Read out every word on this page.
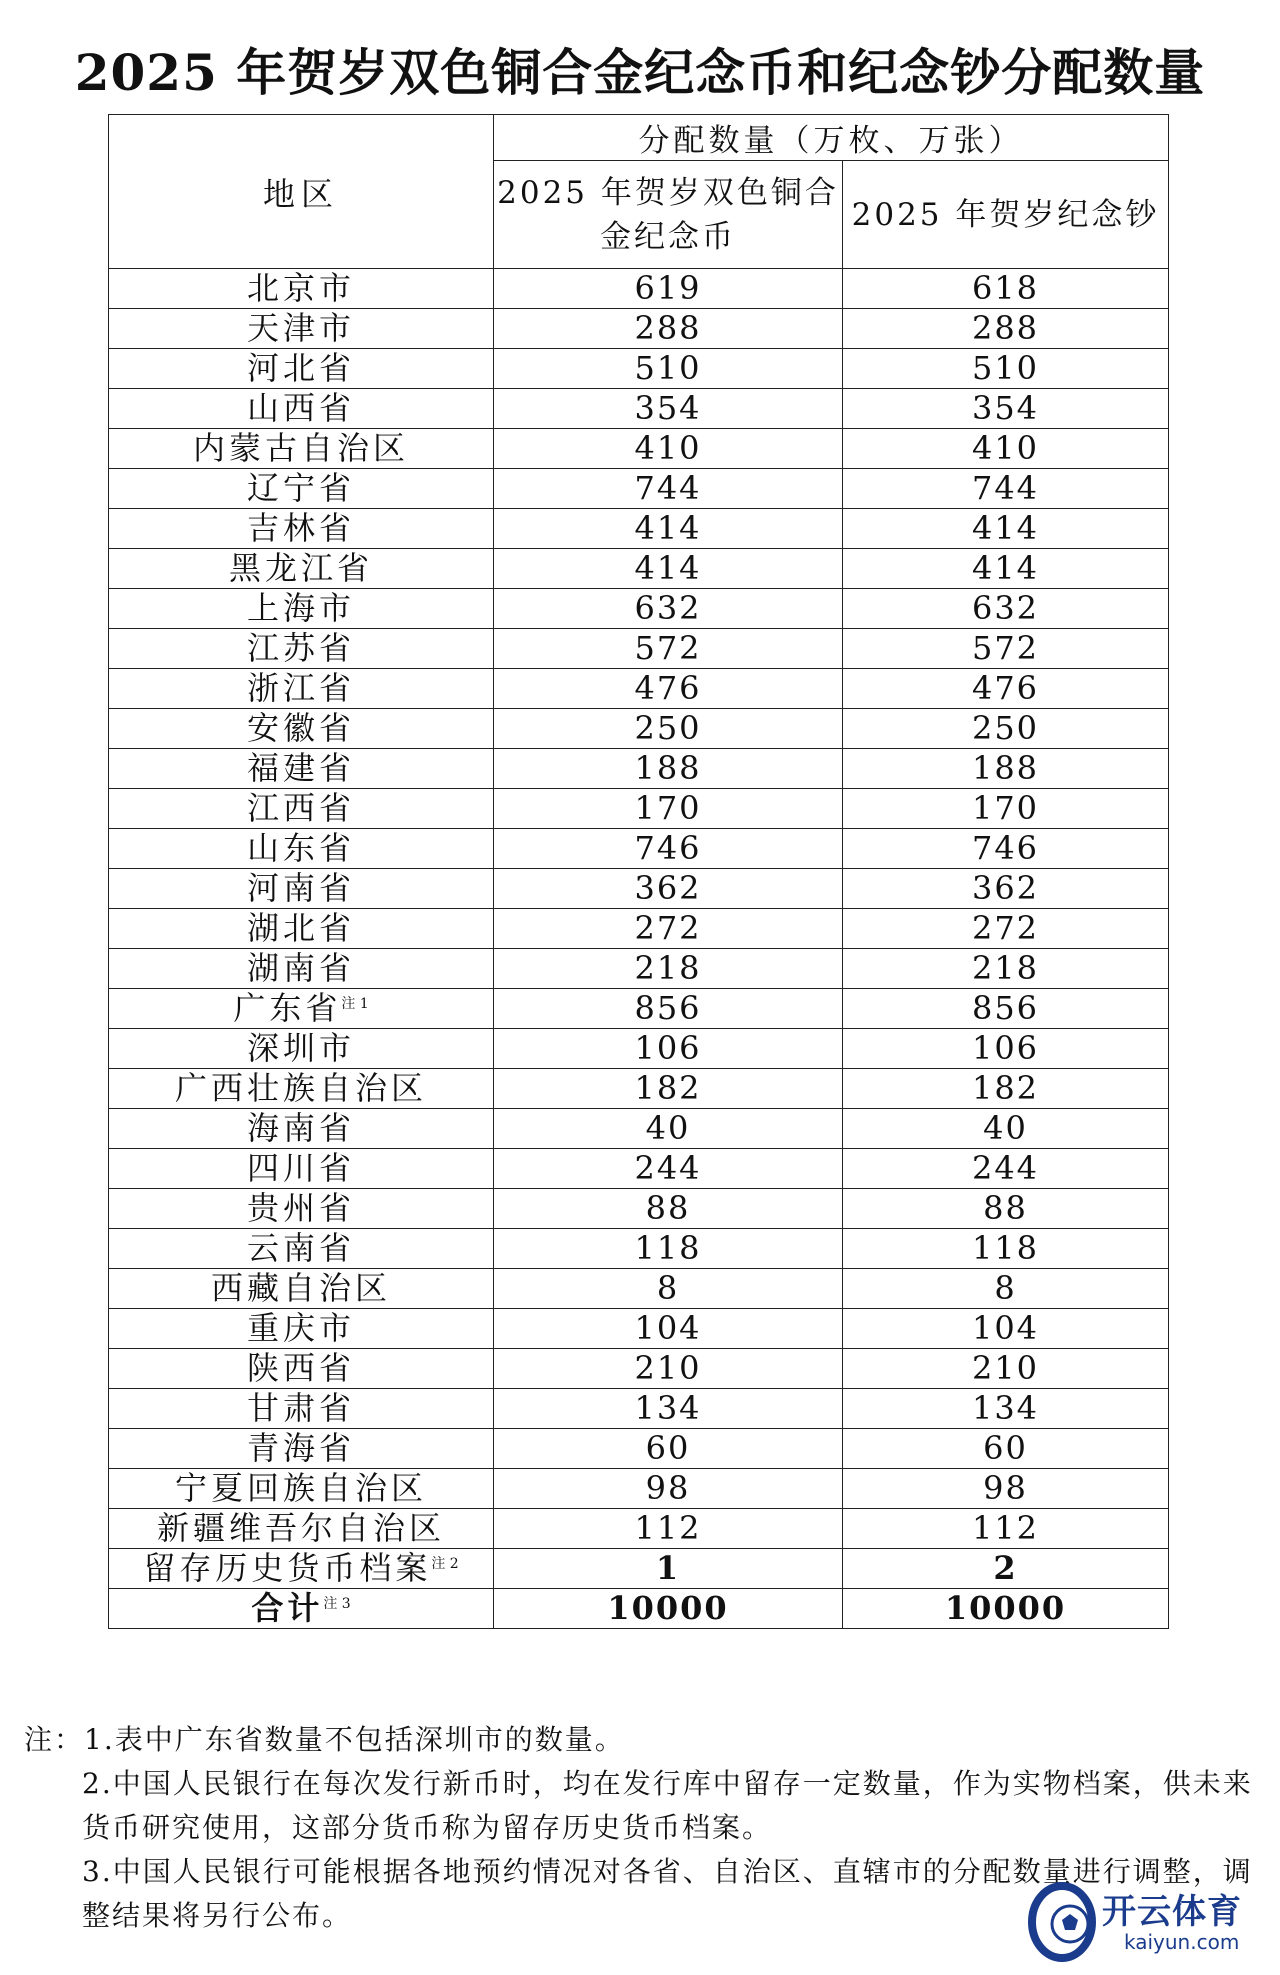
2025 年贺岁双色铜合金纪念币和纪念钞分配数量
地区	分配数量（万枚、万张）	
	2025 年贺岁双色铜合金纪念币	2025 年贺岁纪念钞
北京市	619	618
天津市	288	288
河北省	510	510
山西省	354	354
内蒙古自治区	410	410
辽宁省	744	744
吉林省	414	414
黑龙江省	414	414
上海市	632	632
江苏省	572	572
浙江省	476	476
安徽省	250	250
福建省	188	188
江西省	170	170
山东省	746	746
河南省	362	362
湖北省	272	272
湖南省	218	218
广东省$^{注 1}$	856	856
深圳市	106	106
广西壮族自治区	182	182
海南省	40	40
四川省	244	244
贵州省	88	88
云南省	118	118
西藏自治区	8	8
重庆市	104	104
陕西省	210	210
甘肃省	134	134
青海省	60	60
宁夏回族自治区	98	98
新疆维吾尔自治区	112	112
留存历史货币档案$^{注 2}$	1	2
合计$^{注 3}$	10000	10000

注：1.表中广东省数量不包括深圳市的数量。

2.中国人民银行在每次发行新币时，均在发行库中留存一定数量，作为实物档案，供未来货币研究使用，这部分货币称为留存历史货币档案。

3.中国人民银行可能根据各地预约情况对各省、自治区、直辖市的分配数量进行调整，调整结果将另行公布。	开云体育
kaiyun.com
